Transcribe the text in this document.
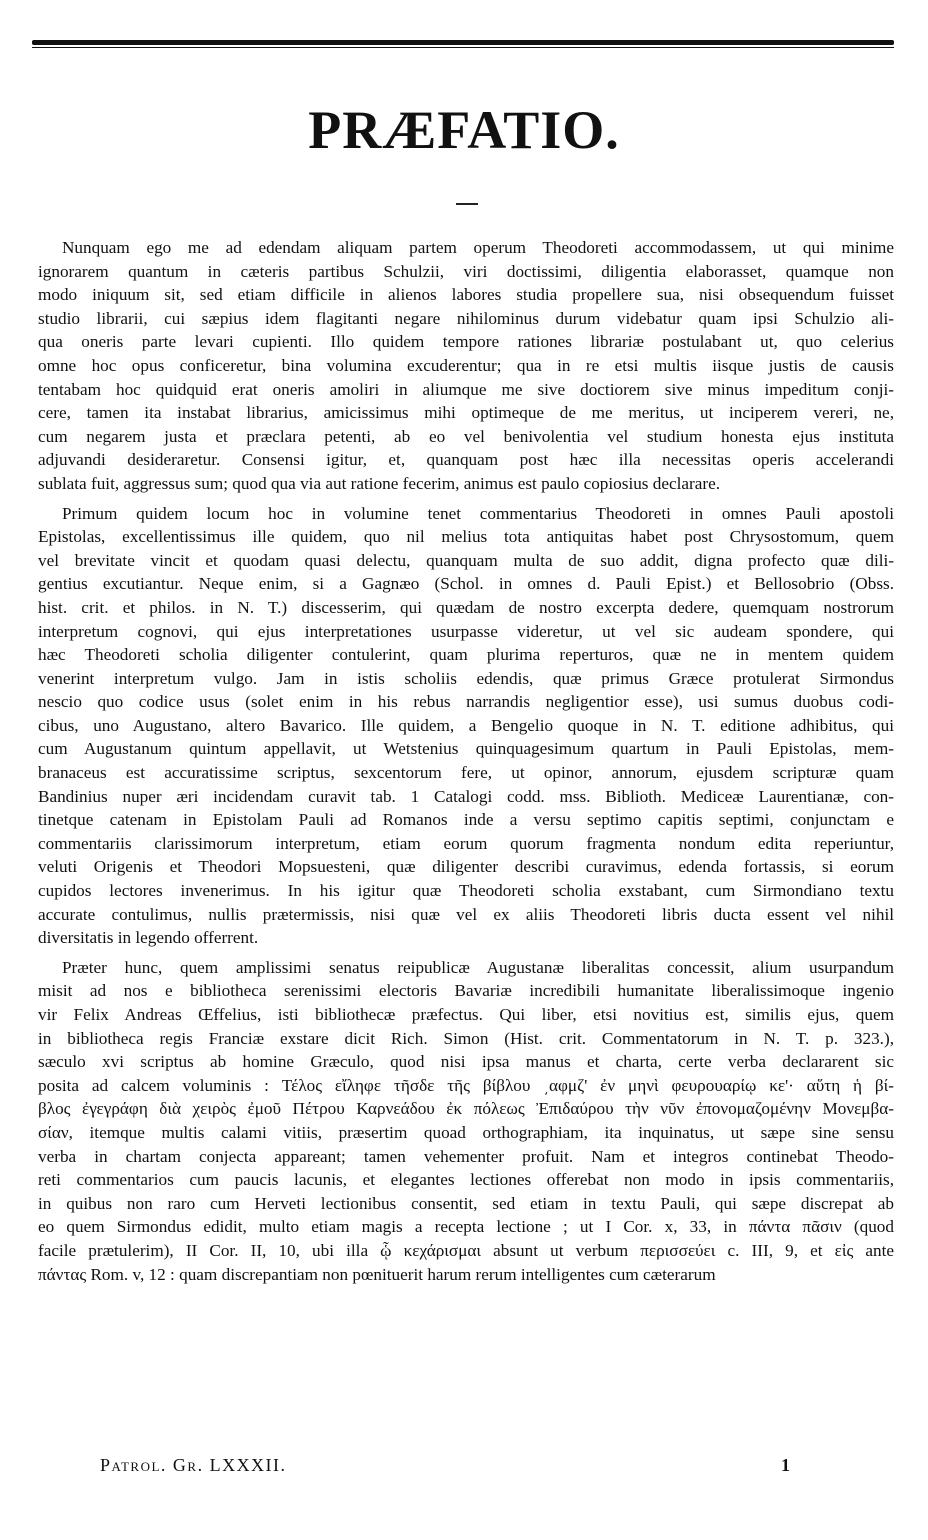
PRÆFATIO.
Nunquam ego me ad edendam aliquam partem operum Theodoreti accommodassem, ut qui minime
ignorarem quantum in cæteris partibus Schulzii, viri doctissimi, diligentia elaborasset, quamque non
modo iniquum sit, sed etiam difficile in alienos labores studia propellere sua, nisi obsequendum fuisset
studio librarii, cui sæpius idem flagitanti negare nihilominus durum videbatur quam ipsi Schulzio ali-
qua oneris parte levari cupienti. Illo quidem tempore rationes librariæ postulabant ut, quo celerius
omne hoc opus conficeretur, bina volumina excuderentur; qua in re etsi multis iisque justis de causis
tentabam hoc quidquid erat oneris amoliri in aliumque me sive doctiorem sive minus impeditum conji-
cere, tamen ita instabat librarius, amicissimus mihi optimeque de me meritus, ut inciperem vereri, ne,
cum negarem justa et præclara petenti, ab eo vel benivolentia vel studium honesta ejus instituta
adjuvandi desideraretur. Consensi igitur, et, quanquam post hæc illa necessitas operis accelerandi
sublata fuit, aggressus sum; quod qua via aut ratione fecerim, animus est paulo copiosius declarare.
Primum quidem locum hoc in volumine tenet commentarius Theodoreti in omnes Pauli apostoli
Epistolas, excellentissimus ille quidem, quo nil melius tota antiquitas habet post Chrysostomum, quem
vel brevitate vincit et quodam quasi delectu, quanquam multa de suo addit, digna profecto quæ dili-
gentius excutiantur. Neque enim, si a Gagnæo (Schol. in omnes d. Pauli Epist.) et Bellosobrio (Obss.
hist. crit. et philos. in N. T.) discesserim, qui quædam de nostro excerpta dedere, quemquam nostrorum
interpretum cognovi, qui ejus interpretationes usurpasse videretur, ut vel sic audeam spondere, qui
hæc Theodoreti scholia diligenter contulerint, quam plurima reperturos, quæ ne in mentem quidem
venerint interpretum vulgo. Jam in istis scholiis edendis, quæ primus Græce protulerat Sirmondus
nescio quo codice usus (solet enim in his rebus narrandis negligentior esse), usi sumus duobus codi-
cibus, uno Augustano, altero Bavarico. Ille quidem, a Bengelio quoque in N. T. editione adhibitus, qui
cum Augustanum quintum appellavit, ut Wetstenius quinquagesimum quartum in Pauli Epistolas, mem-
branaceus est accuratissime scriptus, sexcentorum fere, ut opinor, annorum, ejusdem scripturæ quam
Bandinius nuper æri incidendam curavit tab. 1 Catalogi codd. mss. Biblioth. Mediceæ Laurentianæ, con-
tinetque catenam in Epistolam Pauli ad Romanos inde a versu septimo capitis septimi, conjunctam e
commentariis clarissimorum interpretum, etiam eorum quorum fragmenta nondum edita reperiuntur,
veluti Origenis et Theodori Mopsuesteni, quæ diligenter describi curavimus, edenda fortassis, si eorum
cupidos lectores invenerimus. In his igitur quæ Theodoreti scholia exstabant, cum Sirmondiano textu
accurate contulimus, nullis prætermissis, nisi quæ vel ex aliis Theodoreti libris ducta essent vel nihil
diversitatis in legendo offerrent.
Præter hunc, quem amplissimi senatus reipublicæ Augustanæ liberalitas concessit, alium usurpandum
misit ad nos e bibliotheca serenissimi electoris Bavariæ incredibili humanitate liberalissimoque ingenio
vir Felix Andreas Œffelius, isti bibliothecæ præfectus. Qui liber, etsi novitius est, similis ejus, quem
in bibliotheca regis Franciæ exstare dicit Rich. Simon (Hist. crit. Commentatorum in N. T. p. 323.),
sæculo xvi scriptus ab homine Græculo, quod nisi ipsa manus et charta, certe verba declararent sic
posita ad calcem voluminis : Τέλος εἴληφε τῆσδε τῆς βίβλου ͵αφμζ' ἐν μηνὶ φευρουαρίῳ κε'· αὕτη ἡ βί-
βλος ἐγεγράφη διὰ χειρὸς ἐμοῦ Πέτρου Καρνεάδου ἐκ πόλεως Ἐπιδαύρου τὴν νῦν ἐπονομαζομένην Μονεμβα-
σίαν, itemque multis calami vitiis, præsertim quoad orthographiam, ita inquinatus, ut sæpe sine sensu
verba in chartam conjecta appareant; tamen vehementer profuit. Nam et integros continebat Theodo-
reti commentarios cum paucis lacunis, et elegantes lectiones offerebat non modo in ipsis commentariis,
in quibus non raro cum Herveti lectionibus consentit, sed etiam in textu Pauli, qui sæpe discrepat ab
eo quem Sirmondus edidit, multo etiam magis a recepta lectione ; ut I Cor. x, 33, in πάντα πᾶσιν (quod
facile prætulerim), II Cor. II, 10, ubi illa ᾧ κεχάρισμαι absunt ut verbum περισσεύει c. III, 9, et εἰς ante
πάντας Rom. v, 12 : quam discrepantiam non pœnituerit harum rerum intelligentes cum cæterarum
Patrol. Gr. LXXXII.	1
